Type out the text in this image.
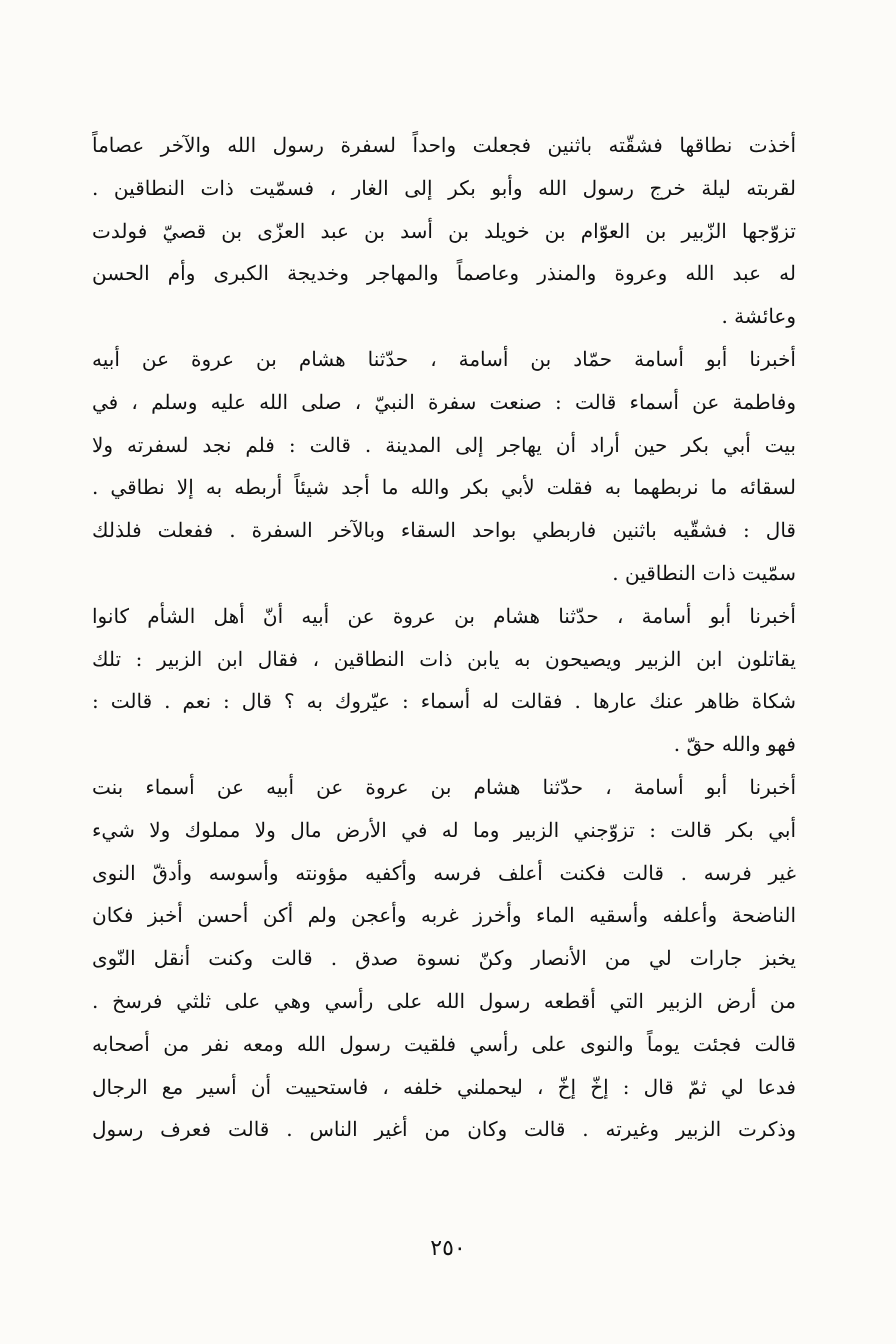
أخذت نطاقها فشقّته باثنين فجعلت واحداً لسفرة رسول الله والآخر عصاماً
لقربته ليلة خرج رسول الله وأبو بكر إلى الغار ، فسمّيت ذات النطاقين .
تزوّجها الزّبير بن العوّام بن خويلد بن أسد بن عبد العزّى بن قصيّ فولدت
له عبد الله وعروة والمنذر وعاصماً والمهاجر وخديجة الكبرى وأم الحسن
وعائشة .
أخبرنا أبو أسامة حمّاد بن أسامة ، حدّثنا هشام بن عروة عن أبيه
وفاطمة عن أسماء قالت : صنعت سفرة النبيّ ، صلى الله عليه وسلم ، في
بيت أبي بكر حين أراد أن يهاجر إلى المدينة . قالت : فلم نجد لسفرته ولا
لسقائه ما نربطهما به فقلت لأبي بكر والله ما أجد شيئاً أربطه به إلا نطاقي .
قال : فشقّيه باثنين فاربطي بواحد السقاء وبالآخر السفرة . ففعلت فلذلك
سمّيت ذات النطاقين .
أخبرنا أبو أسامة ، حدّثنا هشام بن عروة عن أبيه أنّ أهل الشأم كانوا
يقاتلون ابن الزبير ويصيحون به يابن ذات النطاقين ، فقال ابن الزبير : تلك
شكاة ظاهر عنك عارها . فقالت له أسماء : عيّروك به ؟ قال : نعم . قالت :
فهو والله حقّ .
أخبرنا أبو أسامة ، حدّثنا هشام بن عروة عن أبيه عن أسماء بنت
أبي بكر قالت : تزوّجني الزبير وما له في الأرض مال ولا مملوك ولا شيء
غير فرسه . قالت فكنت أعلف فرسه وأكفيه مؤونته وأسوسه وأدقّ النوى
الناضحة وأعلفه وأسقيه الماء وأخرز غربه وأعجن ولم أكن أحسن أخبز فكان
يخبز جارات لي من الأنصار وكنّ نسوة صدق . قالت وكنت أنقل النّوى
من أرض الزبير التي أقطعه رسول الله على رأسي وهي على ثلثي فرسخ .
قالت فجئت يوماً والنوى على رأسي فلقيت رسول الله ومعه نفر من أصحابه
فدعا لي ثمّ قال : إخّ إخّ ، ليحملني خلفه ، فاستحييت أن أسير مع الرجال
وذكرت الزبير وغيرته . قالت وكان من أغير الناس . قالت فعرف رسول
٢٥٠
